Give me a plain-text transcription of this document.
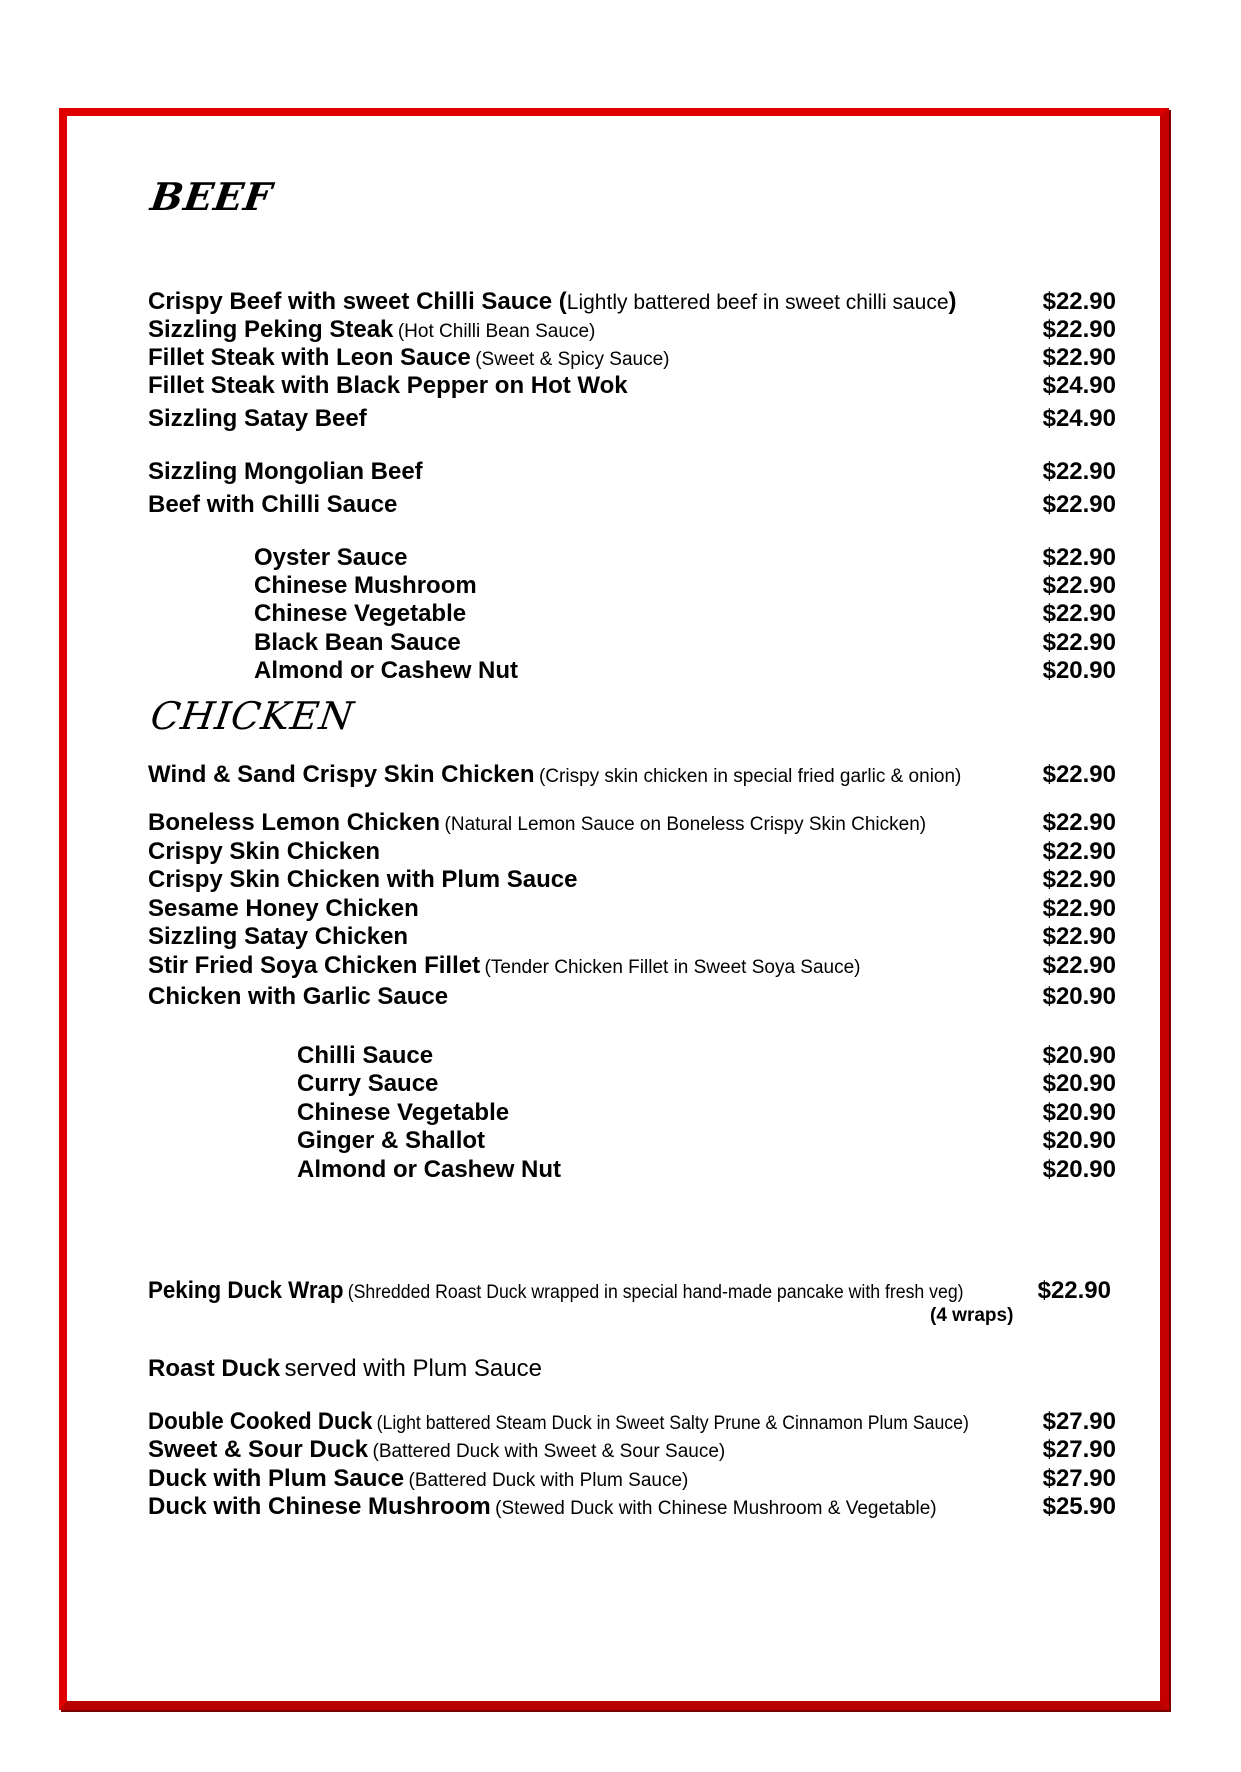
BEEF
Crispy Beef with sweet Chilli Sauce (Lightly battered beef in sweet chilli sauce)	$22.90
Sizzling Peking Steak (Hot Chilli Bean Sauce)	$22.90
Fillet Steak with Leon Sauce (Sweet & Spicy Sauce)	$22.90
Fillet Steak with Black Pepper on Hot Wok	$24.90
Sizzling Satay Beef	$24.90
Sizzling Mongolian Beef	$22.90
Beef with Chilli Sauce	$22.90
Oyster Sauce	$22.90
Chinese Mushroom	$22.90
Chinese Vegetable	$22.90
Black Bean Sauce	$22.90
Almond or Cashew Nut	$20.90
CHICKEN
Wind & Sand Crispy Skin Chicken (Crispy skin chicken in special fried garlic & onion)	$22.90
Boneless Lemon Chicken (Natural Lemon Sauce on Boneless Crispy Skin Chicken)	$22.90
Crispy Skin Chicken	$22.90
Crispy Skin Chicken with Plum Sauce	$22.90
Sesame Honey Chicken	$22.90
Sizzling Satay Chicken	$22.90
Stir Fried Soya Chicken Fillet (Tender Chicken Fillet in Sweet Soya Sauce)	$22.90
Chicken with Garlic Sauce	$20.90
Chilli Sauce	$20.90
Curry Sauce	$20.90
Chinese Vegetable	$20.90
Ginger & Shallot	$20.90
Almond or Cashew Nut	$20.90
Peking Duck Wrap (Shredded Roast Duck wrapped in special hand-made pancake with fresh veg)	$22.90
(4 wraps)
Roast Duck served with Plum Sauce
Double Cooked Duck (Light battered Steam Duck in Sweet Salty Prune & Cinnamon Plum Sauce)	$27.90
Sweet & Sour Duck (Battered Duck with Sweet & Sour Sauce)	$27.90
Duck with Plum Sauce (Battered Duck with Plum Sauce)	$27.90
Duck with Chinese Mushroom (Stewed Duck with Chinese Mushroom & Vegetable)	$25.90
